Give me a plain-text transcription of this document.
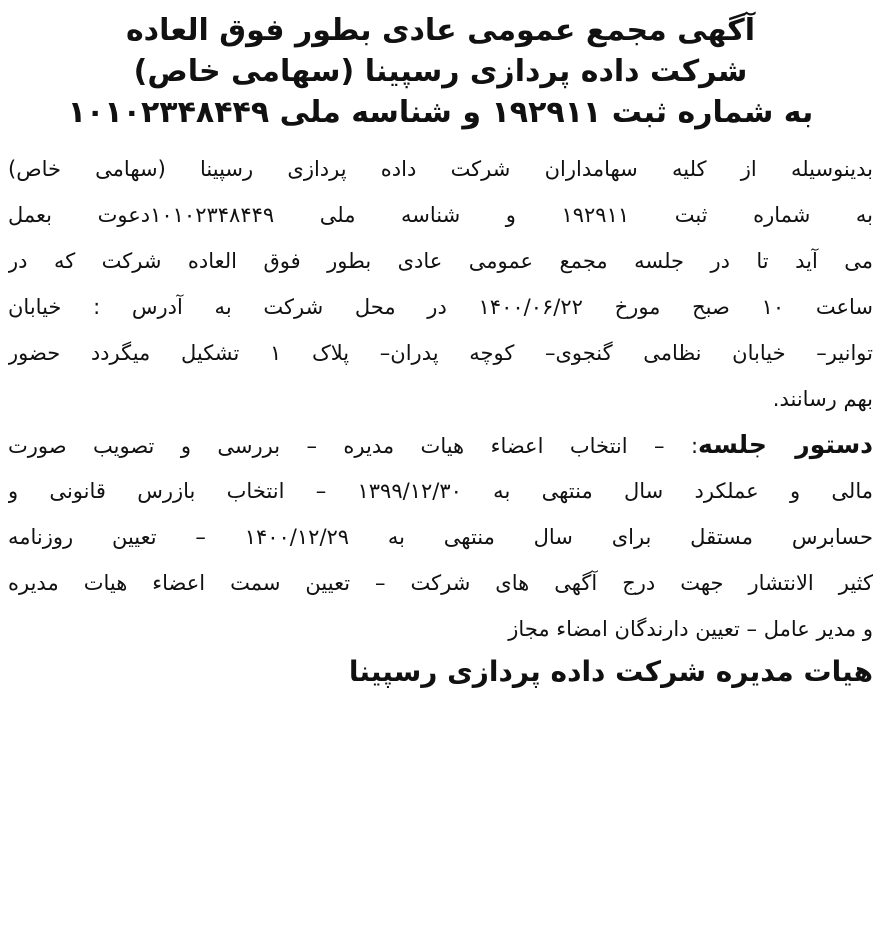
آگهی مجمع عمومی عادی بطور فوق العاده
شرکت داده پردازی رسپینا (سهامی خاص)
به شماره ثبت ۱۹۲۹۱۱ و شناسه ملی ۱۰۱۰۲۳۴۸۴۴۹
بدینوسیله از کلیه سهامداران شرکت داده پردازی رسپینا (سهامی خاص)
به شماره ثبت ۱۹۲۹۱۱ و شناسه ملی ۱۰۱۰۲۳۴۸۴۴۹دعوت بعمل
می آید تا در جلسه مجمع عمومی عادی بطور فوق العاده شرکت که در
ساعت ۱۰ صبح مورخ ۱۴۰۰/۰۶/۲۲ در محل شرکت به آدرس : خیابان
توانیر– خیابان نظامی گنجوی– کوچه پدران– پلاک ۱ تشکیل میگردد حضور
بهم رسانند.
دستور جلسه: – انتخاب اعضاء هیات مدیره – بررسی و تصویب صورت
مالی و عملکرد سال منتهی به ۱۳۹۹/۱۲/۳۰ – انتخاب بازرس قانونی و
حسابرس مستقل برای سال منتهی به ۱۴۰۰/۱۲/۲۹ – تعیین روزنامه
کثیر الانتشار جهت درج آگهی های شرکت – تعیین سمت اعضاء هیات مدیره
و مدیر عامل – تعیین دارندگان امضاء مجاز
هیات مدیره شرکت داده پردازی رسپینا
